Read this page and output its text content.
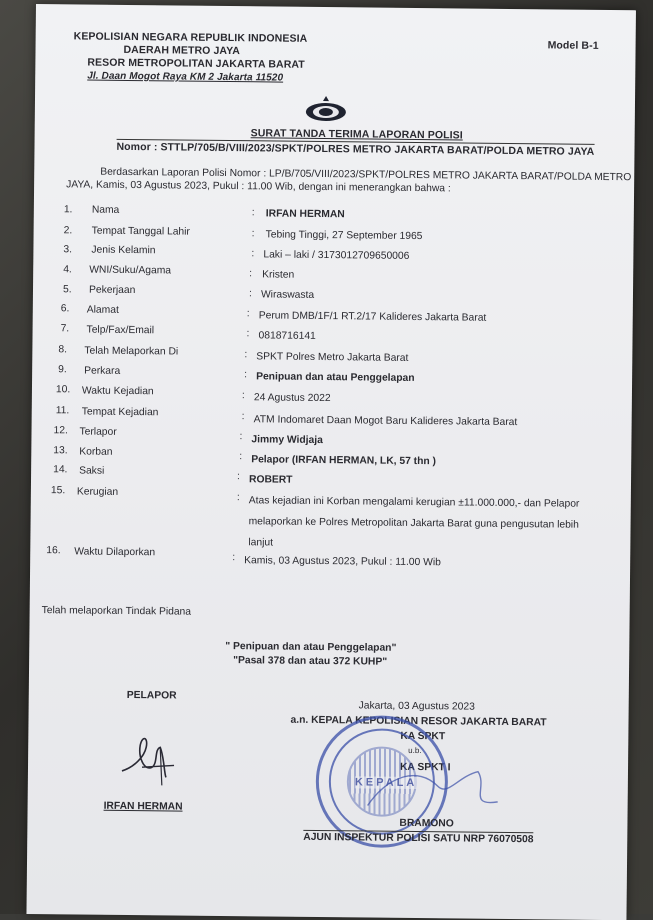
KEPOLISIAN NEGARA REPUBLIK INDONESIA
DAERAH METRO JAYA
RESOR METROPOLITAN JAKARTA BARAT
Jl. Daan Mogot Raya KM 2 Jakarta 11520
Model B-1
SURAT TANDA TERIMA LAPORAN POLISI
Nomor : STTLP/705/B/VIII/2023/SPKT/POLRES METRO JAKARTA BARAT/POLDA METRO JAYA
Berdasarkan Laporan Polisi Nomor : LP/B/705/VIII/2023/SPKT/POLRES METRO JAKARTA BARAT/POLDA METRO
JAYA, Kamis, 03 Agustus 2023, Pukul : 11.00 Wib, dengan ini menerangkan bahwa :
1. Nama	: IRFAN HERMAN
2. Tempat Tanggal Lahir	: Tebing Tinggi, 27 September 1965
3. Jenis Kelamin	: Laki – laki / 3173012709650006
4. WNI/Suku/Agama	: Kristen
5. Pekerjaan	: Wiraswasta
6. Alamat	: Perum DMB/1F/1 RT.2/17 Kalideres Jakarta Barat
7. Telp/Fax/Email	: 0818716141
8. Telah Melaporkan Di	: SPKT Polres Metro Jakarta Barat
9. Perkara	: Penipuan dan atau Penggelapan
10. Waktu Kejadian	: 24 Agustus 2022
11. Tempat Kejadian	: ATM Indomaret Daan Mogot Baru Kalideres Jakarta Barat
12. Terlapor	: Jimmy Widjaja
13. Korban	: Pelapor (IRFAN HERMAN, LK, 57 thn )
14. Saksi	: ROBERT
15. Kerugian	: Atas kejadian ini Korban mengalami kerugian ±11.000.000,- dan Pelapor
melaporkan ke Polres Metropolitan Jakarta Barat guna pengusutan lebih
lanjut
16. Waktu Dilaporkan	: Kamis, 03 Agustus 2023, Pukul : 11.00 Wib
Telah melaporkan Tindak Pidana
" Penipuan dan atau Penggelapan"
"Pasal 378 dan atau 372 KUHP"
PELAPOR
IRFAN HERMAN
Jakarta, 03 Agustus 2023
a.n. KEPALA KEPOLISIAN RESOR JAKARTA BARAT
KA SPKT
u.b.
KA SPKT I
KEPALA
BRAMONO
AJUN INSPEKTUR POLISI SATU NRP 76070508
